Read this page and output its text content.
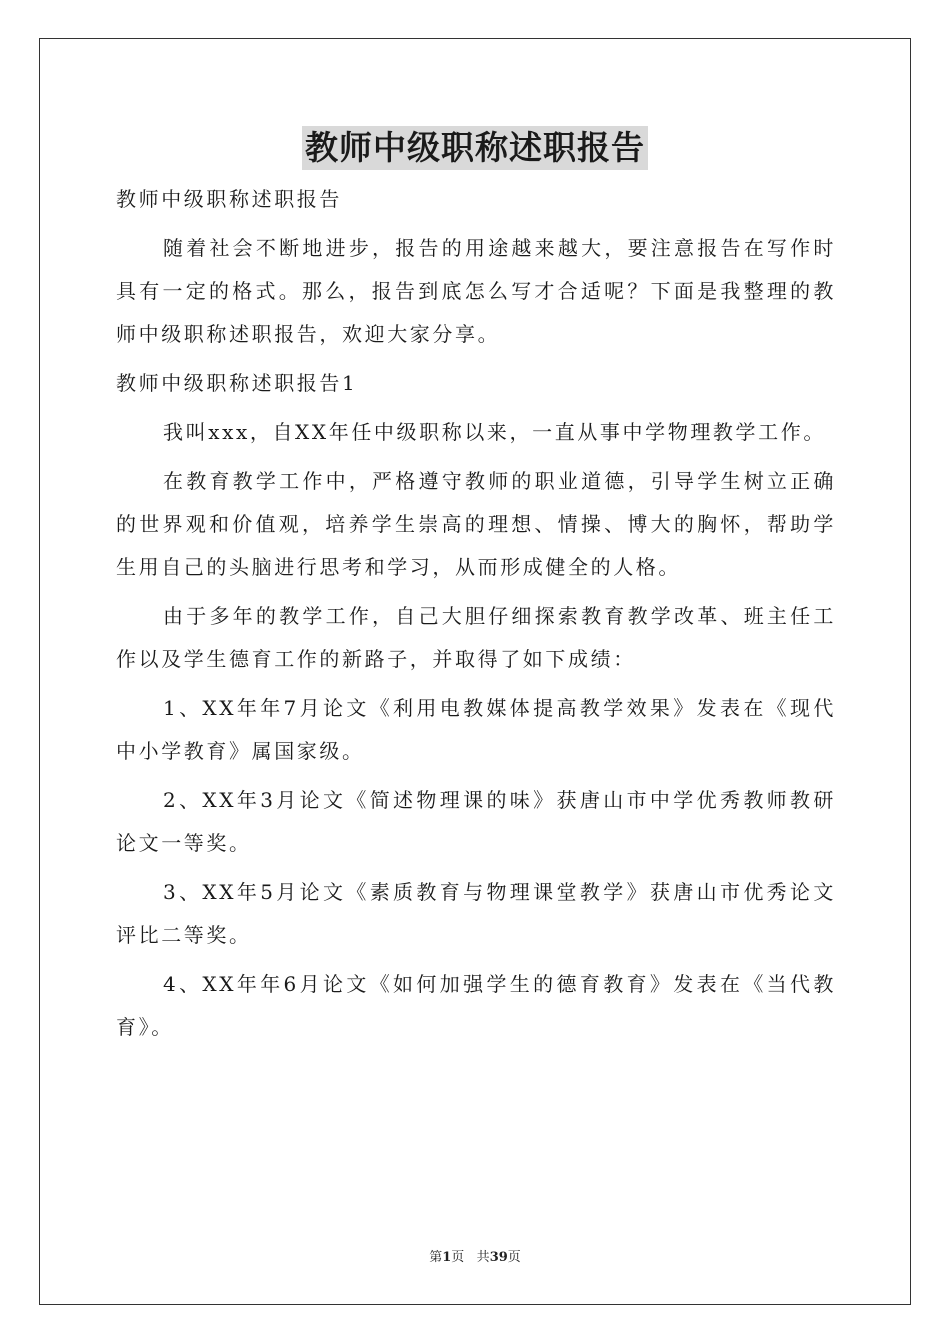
教师中级职称述职报告

教师中级职称述职报告

随着社会不断地进步，报告的用途越来越大，要注意报告在写作时具有一定的格式。那么，报告到底怎么写才合适呢？下面是我整理的教师中级职称述职报告，欢迎大家分享。

教师中级职称述职报告1

我叫xxx，自XX年任中级职称以来，一直从事中学物理教学工作。

在教育教学工作中，严格遵守教师的职业道德，引导学生树立正确的世界观和价值观，培养学生崇高的理想、情操、博大的胸怀，帮助学生用自己的头脑进行思考和学习，从而形成健全的人格。

由于多年的教学工作，自己大胆仔细探索教育教学改革、班主任工作以及学生德育工作的新路子，并取得了如下成绩：

1、XX年年7月论文《利用电教媒体提高教学效果》发表在《现代中小学教育》属国家级。

2、XX年3月论文《简述物理课的味》获唐山市中学优秀教师教研论文一等奖。

3、XX年5月论文《素质教育与物理课堂教学》获唐山市优秀论文评比二等奖。

4、XX年年6月论文《如何加强学生的德育教育》发表在《当代教育》。

第1页 共39页
